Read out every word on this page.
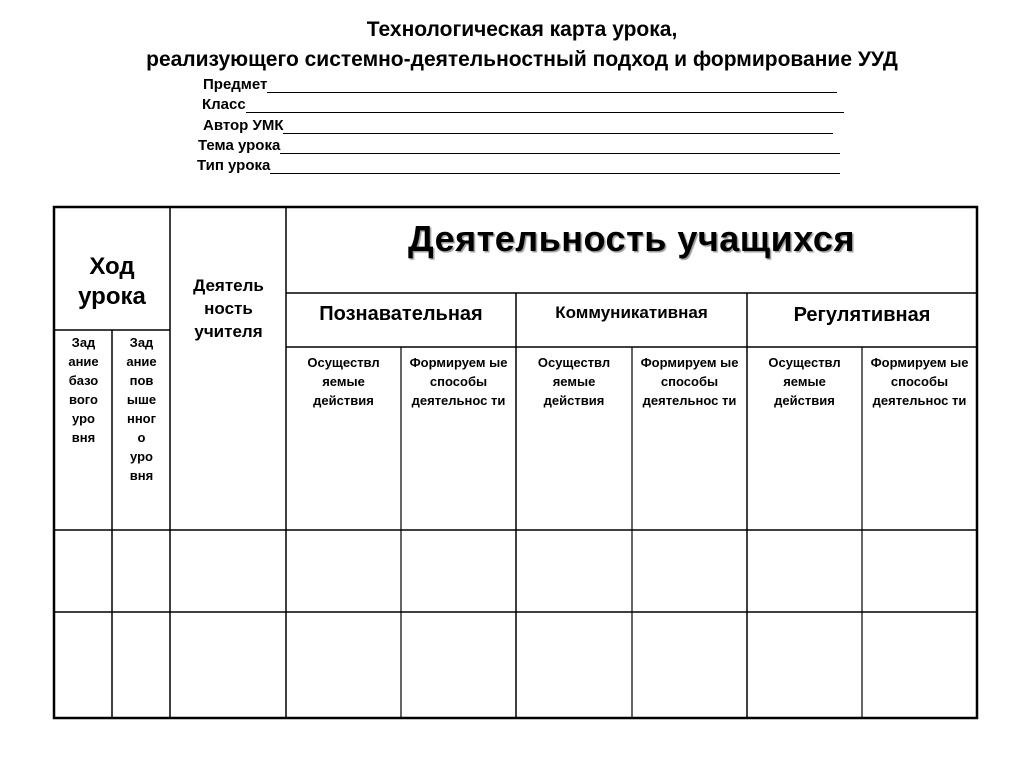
Технологическая карта урока,
реализующего системно-деятельностный подход и формирование УУД
Предмет
Класс
Автор УМК
Тема урока
Тип урока
Ход урока
Зад ание базо вого уро вня
Зад ание пов ыше нног о уро вня
Деятель ность учителя
Деятельность учащихся
Познавательная	Коммуникативная	Регулятивная
Осуществл яемые действия
Формируем ые способы деятельнос ти
Осуществл яемые действия
Формируем ые способы деятельнос ти
Осуществл яемые действия
Формируем ые способы деятельнос ти
